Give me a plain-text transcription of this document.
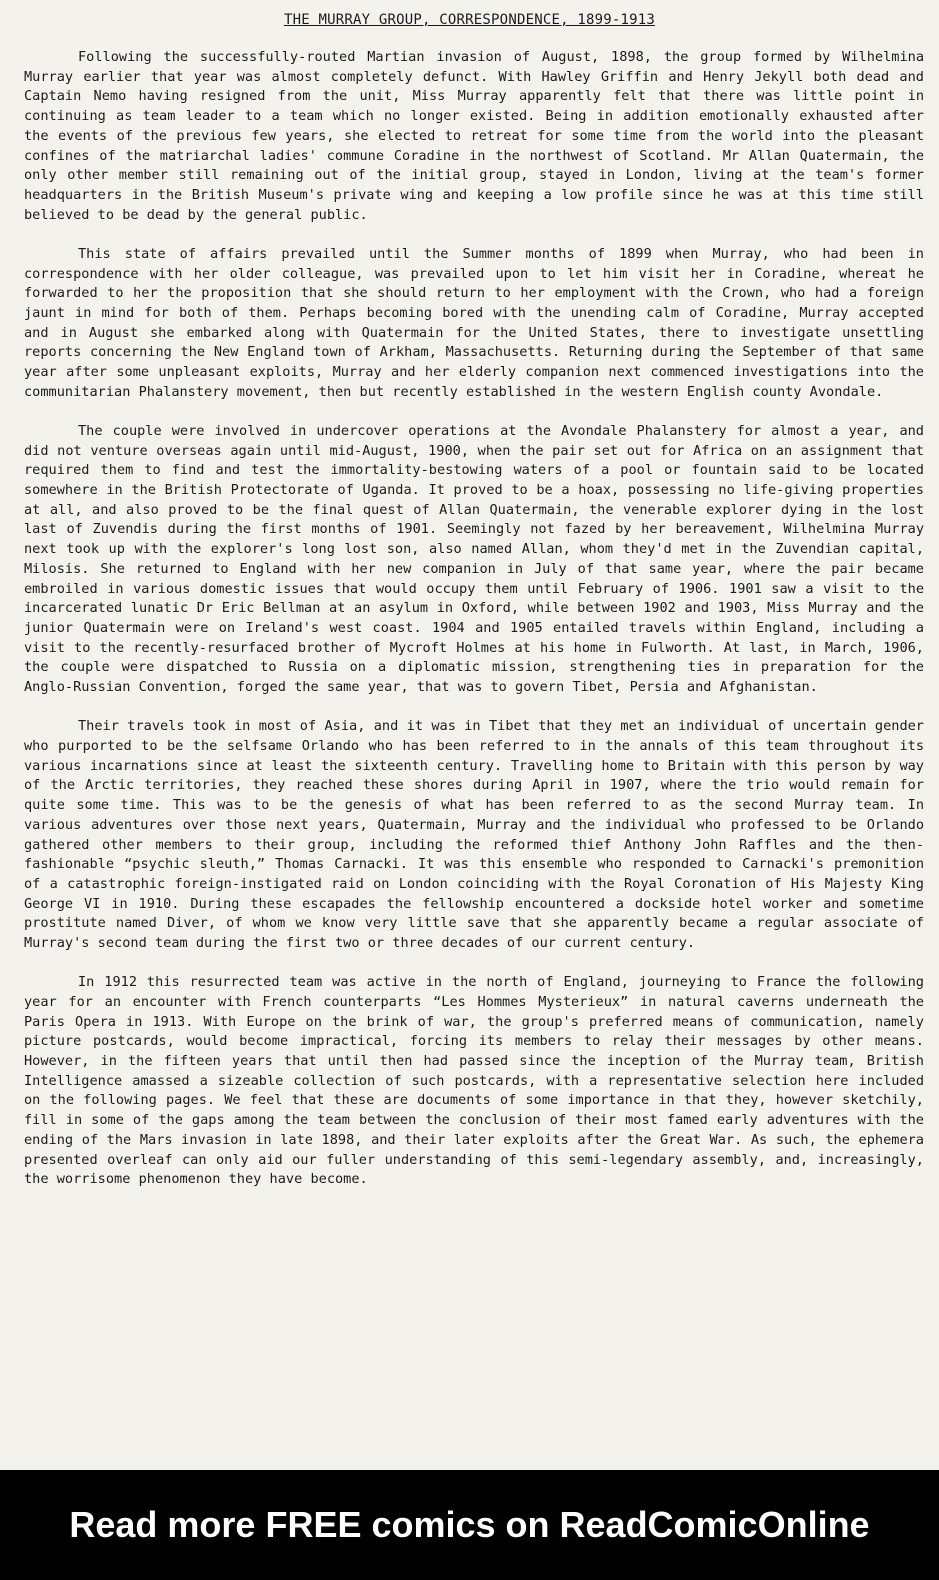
THE MURRAY GROUP, CORRESPONDENCE, 1899-1913

Following the successfully-routed Martian invasion of August, 1898, the group formed by Wilhelmina Murray earlier that year was almost completely defunct. With Hawley Griffin and Henry Jekyll both dead and Captain Nemo having resigned from the unit, Miss Murray apparently felt that there was little point in continuing as team leader to a team which no longer existed. Being in addition emotionally exhausted after the events of the previous few years, she elected to retreat for some time from the world into the pleasant confines of the matriarchal ladies' commune Coradine in the northwest of Scotland. Mr Allan Quatermain, the only other member still remaining out of the initial group, stayed in London, living at the team's former headquarters in the British Museum's private wing and keeping a low profile since he was at this time still believed to be dead by the general public.

This state of affairs prevailed until the Summer months of 1899 when Murray, who had been in correspondence with her older colleague, was prevailed upon to let him visit her in Coradine, whereat he forwarded to her the proposition that she should return to her employment with the Crown, who had a foreign jaunt in mind for both of them. Perhaps becoming bored with the unending calm of Coradine, Murray accepted and in August she embarked along with Quatermain for the United States, there to investigate unsettling reports concerning the New England town of Arkham, Massachusetts. Returning during the September of that same year after some unpleasant exploits, Murray and her elderly companion next commenced investigations into the communitarian Phalanstery movement, then but recently established in the western English county Avondale.

The couple were involved in undercover operations at the Avondale Phalanstery for almost a year, and did not venture overseas again until mid-August, 1900, when the pair set out for Africa on an assignment that required them to find and test the immortality-bestowing waters of a pool or fountain said to be located somewhere in the British Protectorate of Uganda. It proved to be a hoax, possessing no life-giving properties at all, and also proved to be the final quest of Allan Quatermain, the venerable explorer dying in the lost last of Zuvendis during the first months of 1901. Seemingly not fazed by her bereavement, Wilhelmina Murray next took up with the explorer's long lost son, also named Allan, whom they'd met in the Zuvendian capital, Milosis. She returned to England with her new companion in July of that same year, where the pair became embroiled in various domestic issues that would occupy them until February of 1906. 1901 saw a visit to the incarcerated lunatic Dr Eric Bellman at an asylum in Oxford, while between 1902 and 1903, Miss Murray and the junior Quatermain were on Ireland's west coast. 1904 and 1905 entailed travels within England, including a visit to the recently-resurfaced brother of Mycroft Holmes at his home in Fulworth. At last, in March, 1906, the couple were dispatched to Russia on a diplomatic mission, strengthening ties in preparation for the Anglo-Russian Convention, forged the same year, that was to govern Tibet, Persia and Afghanistan.

Their travels took in most of Asia, and it was in Tibet that they met an individual of uncertain gender who purported to be the selfsame Orlando who has been referred to in the annals of this team throughout its various incarnations since at least the sixteenth century. Travelling home to Britain with this person by way of the Arctic territories, they reached these shores during April in 1907, where the trio would remain for quite some time. This was to be the genesis of what has been referred to as the second Murray team. In various adventures over those next years, Quatermain, Murray and the individual who professed to be Orlando gathered other members to their group, including the reformed thief Anthony John Raffles and the then-fashionable “psychic sleuth,” Thomas Carnacki. It was this ensemble who responded to Carnacki's premonition of a catastrophic foreign-instigated raid on London coinciding with the Royal Coronation of His Majesty King George VI in 1910. During these escapades the fellowship encountered a dockside hotel worker and sometime prostitute named Diver, of whom we know very little save that she apparently became a regular associate of Murray's second team during the first two or three decades of our current century.

In 1912 this resurrected team was active in the north of England, journeying to France the following year for an encounter with French counterparts “Les Hommes Mysterieux” in natural caverns underneath the Paris Opera in 1913. With Europe on the brink of war, the group's preferred means of communication, namely picture postcards, would become impractical, forcing its members to relay their messages by other means. However, in the fifteen years that until then had passed since the inception of the Murray team, British Intelligence amassed a sizeable collection of such postcards, with a representative selection here included on the following pages. We feel that these are documents of some importance in that they, however sketchily, fill in some of the gaps among the team between the conclusion of their most famed early adventures with the ending of the Mars invasion in late 1898, and their later exploits after the Great War. As such, the ephemera presented overleaf can only aid our fuller understanding of this semi-legendary assembly, and, increasingly, the worrisome phenomenon they have become.

Read more FREE comics on ReadComicOnline
